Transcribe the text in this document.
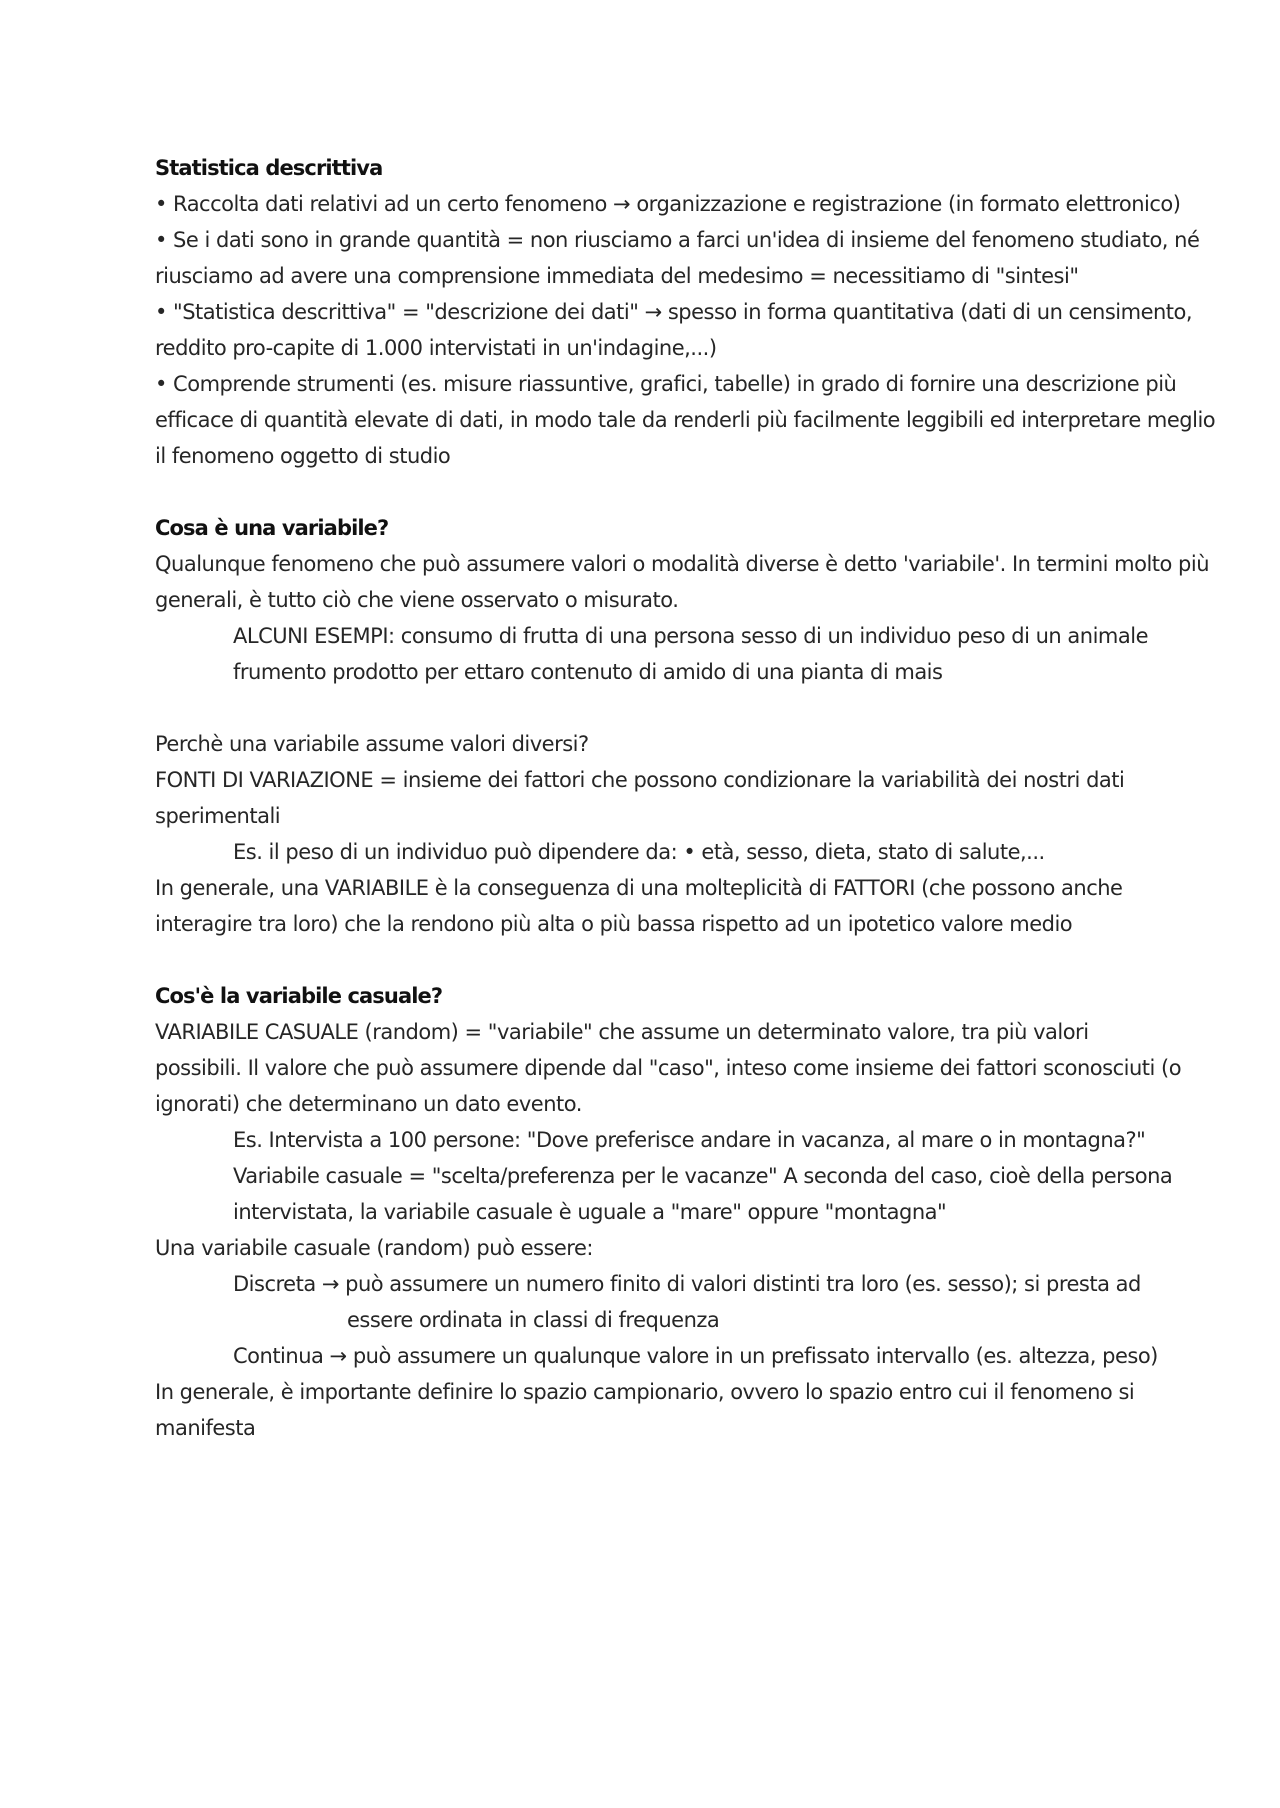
Statistica descrittiva
• Raccolta dati relativi ad un certo fenomeno → organizzazione e registrazione (in formato elettronico)
• Se i dati sono in grande quantità = non riusciamo a farci un'idea di insieme del fenomeno studiato, né
riusciamo ad avere una comprensione immediata del medesimo = necessitiamo di "sintesi"
• "Statistica descrittiva" = "descrizione dei dati" → spesso in forma quantitativa (dati di un censimento,
reddito pro-capite di 1.000 intervistati in un'indagine,...)
• Comprende strumenti (es. misure riassuntive, grafici, tabelle) in grado di fornire una descrizione più
efficace di quantità elevate di dati, in modo tale da renderli più facilmente leggibili ed interpretare meglio
il fenomeno oggetto di studio
Cosa è una variabile?
Qualunque fenomeno che può assumere valori o modalità diverse è detto 'variabile'. In termini molto più
generali, è tutto ciò che viene osservato o misurato.
ALCUNI ESEMPI: consumo di frutta di una persona sesso di un individuo peso di un animale
frumento prodotto per ettaro contenuto di amido di una pianta di mais
Perchè una variabile assume valori diversi?
FONTI DI VARIAZIONE = insieme dei fattori che possono condizionare la variabilità dei nostri dati
sperimentali
Es. il peso di un individuo può dipendere da: • età, sesso, dieta, stato di salute,...
In generale, una VARIABILE è la conseguenza di una molteplicità di FATTORI (che possono anche
interagire tra loro) che la rendono più alta o più bassa rispetto ad un ipotetico valore medio
Cos'è la variabile casuale?
VARIABILE CASUALE (random) = "variabile" che assume un determinato valore, tra più valori
possibili. Il valore che può assumere dipende dal "caso", inteso come insieme dei fattori sconosciuti (o
ignorati) che determinano un dato evento.
Es. Intervista a 100 persone: "Dove preferisce andare in vacanza, al mare o in montagna?"
Variabile casuale = "scelta/preferenza per le vacanze" A seconda del caso, cioè della persona
intervistata, la variabile casuale è uguale a "mare" oppure "montagna"
Una variabile casuale (random) può essere:
Discreta → può assumere un numero finito di valori distinti tra loro (es. sesso); si presta ad
essere ordinata in classi di frequenza
Continua → può assumere un qualunque valore in un prefissato intervallo (es. altezza, peso)
In generale, è importante definire lo spazio campionario, ovvero lo spazio entro cui il fenomeno si
manifesta
